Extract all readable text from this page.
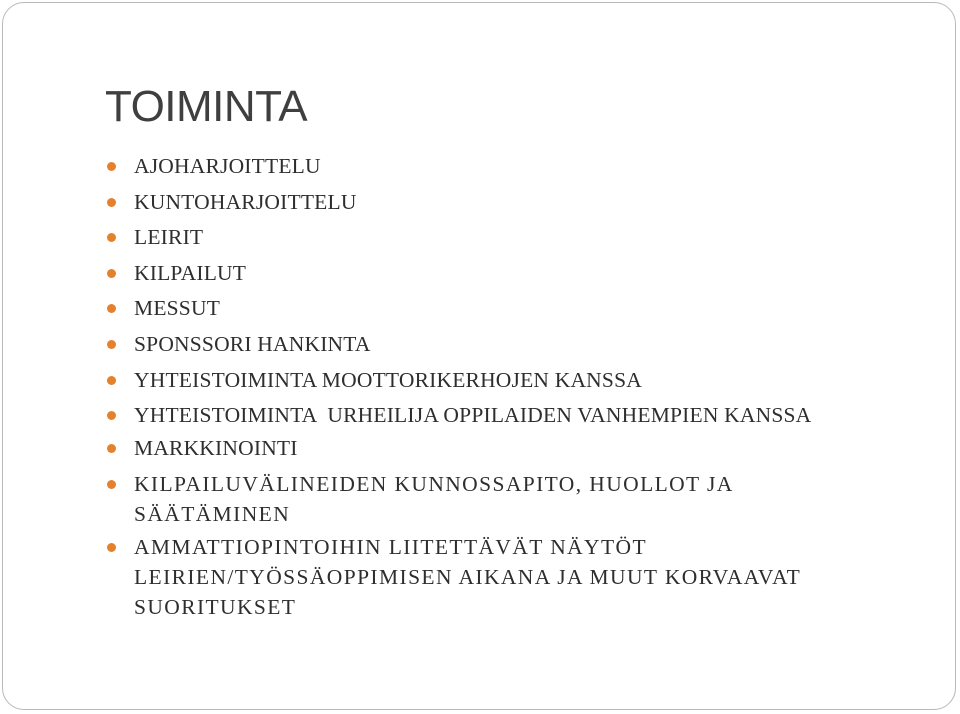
TOIMINTA
AJOHARJOITTELU
KUNTOHARJOITTELU
LEIRIT
KILPAILUT
MESSUT
SPONSSORI HANKINTA
YHTEISTOIMINTA MOOTTORIKERHOJEN KANSSA
YHTEISTOIMINTA  URHEILIJA OPPILAIDEN VANHEMPIEN KANSSA
MARKKINOINTI
KILPAILUVÄLINEIDEN KUNNOSSAPITO, HUOLLOT JA SÄÄTÄMINEN
AMMATTIOPINTOIHIN LIITETTÄVÄT NÄYTÖT LEIRIEN/TYÖSSÄOPPIMISEN AIKANA JA MUUT KORVAAVAT SUORITUKSET
